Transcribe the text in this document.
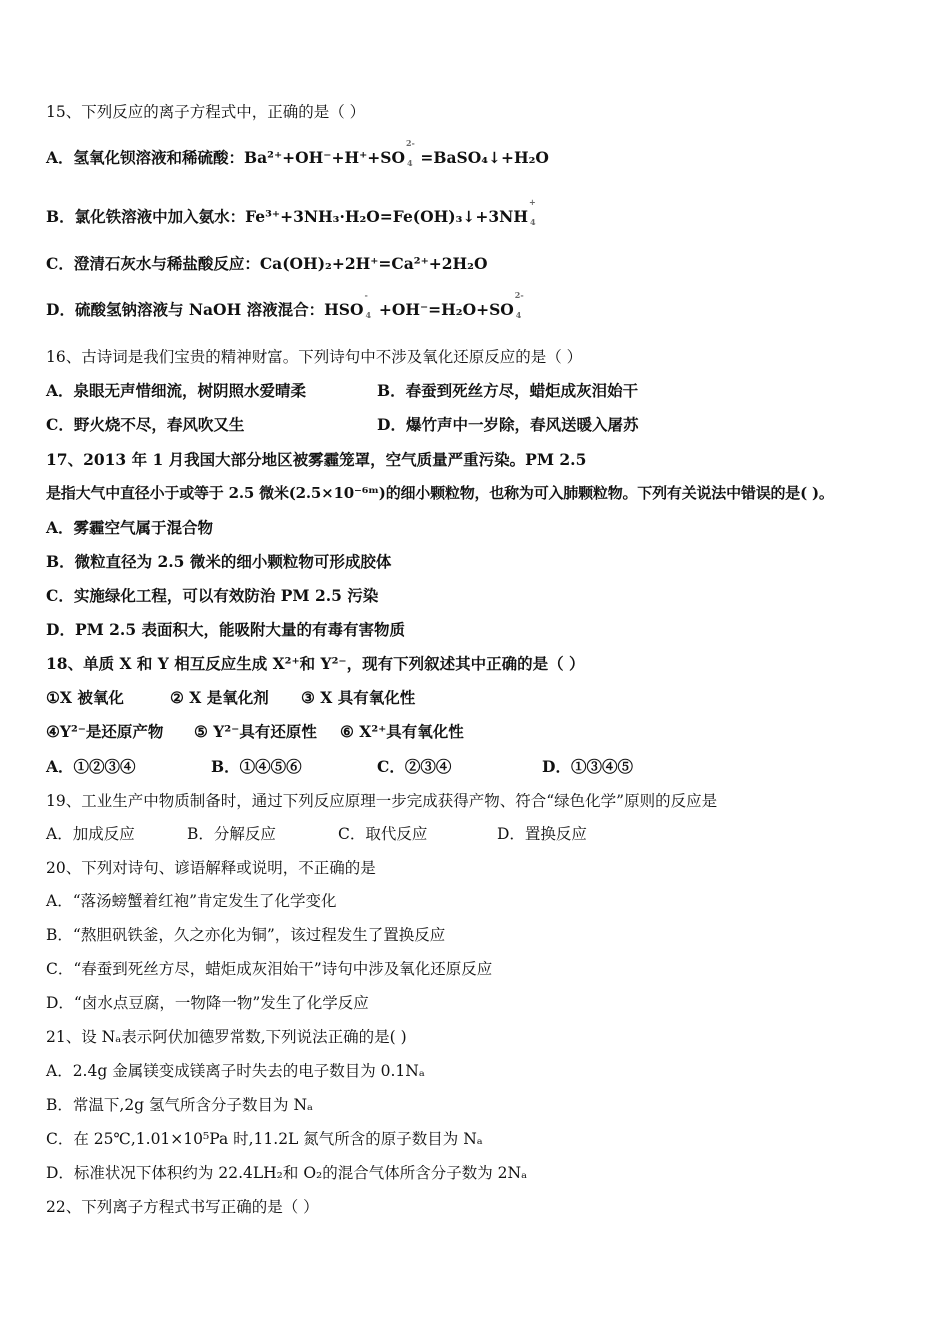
15、下列反应的离子方程式中，正确的是（ ）
A．氢氧化钡溶液和稀硫酸：Ba²⁺+OH⁻+H⁺+SO
2-
4 =BaSO₄↓+H₂O
B．氯化铁溶液中加入氨水：Fe³⁺+3NH₃·H₂O=Fe(OH)₃↓+3NH
+
4
C．澄清石灰水与稀盐酸反应：Ca(OH)₂+2H⁺=Ca²⁺+2H₂O
D．硫酸氢钠溶液与 NaOH 溶液混合：HSO
-
4 +OH⁻=H₂O+SO
2-
4
16、古诗词是我们宝贵的精神财富。下列诗句中不涉及氧化还原反应的是（ ）
A．泉眼无声惜细流，树阴照水爱晴柔	B．春蚕到死丝方尽，蜡炬成灰泪始干
C．野火烧不尽，春风吹又生	D．爆竹声中一岁除，春风送暖入屠苏
17、2013 年 1 月我国大部分地区被雾霾笼罩，空气质量严重污染。PM 2.5
是指大气中直径小于或等于 2.5 微米(2.5×10⁻⁶ᵐ)的细小颗粒物，也称为可入肺颗粒物。下列有关说法中错误的是( )。
A．雾霾空气属于混合物
B．微粒直径为 2.5 微米的细小颗粒物可形成胶体
C．实施绿化工程，可以有效防治 PM 2.5 污染
D．PM 2.5 表面积大，能吸附大量的有毒有害物质
18、单质 X 和 Y 相互反应生成 X²⁺和 Y²⁻，现有下列叙述其中正确的是（ ）
①X 被氧化	② X 是氧化剂 ③ X 具有氧化性
④Y²⁻是还原产物 ⑤ Y²⁻具有还原性 ⑥ X²⁺具有氧化性
A．①②③④	B．①④⑤⑥	C．②③④	D．①③④⑤
19、工业生产中物质制备时，通过下列反应原理一步完成获得产物、符合“绿色化学”原则的反应是
A．加成反应	B．分解反应	C．取代反应	D．置换反应
20、下列对诗句、谚语解释或说明，不正确的是
A．“落汤螃蟹着红袍”肯定发生了化学变化
B．“熬胆矾铁釜，久之亦化为铜”，该过程发生了置换反应
C．“春蚕到死丝方尽，蜡炬成灰泪始干”诗句中涉及氧化还原反应
D．“卤水点豆腐，一物降一物”发生了化学反应
21、设 Nₐ表示阿伏加德罗常数,下列说法正确的是( )
A．2.4g 金属镁变成镁离子时失去的电子数目为 0.1Nₐ
B．常温下,2g 氢气所含分子数目为 Nₐ
C．在 25℃,1.01×10⁵Pa 时,11.2L 氮气所含的原子数目为 Nₐ
D．标准状况下体积约为 22.4LH₂和 O₂的混合气体所含分子数为 2Nₐ
22、下列离子方程式书写正确的是（ ）
